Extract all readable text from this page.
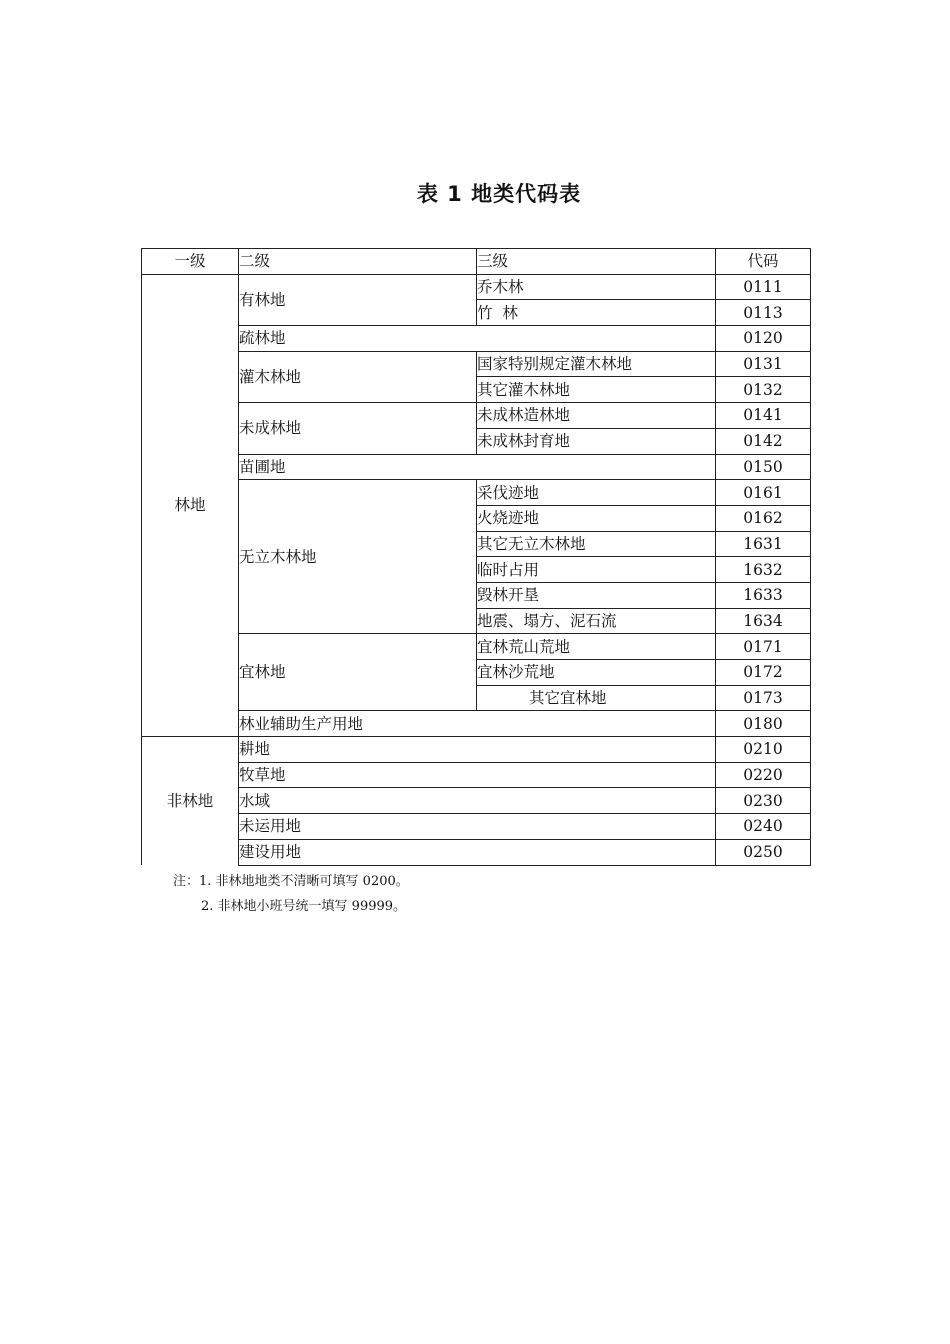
表 1 地类代码表
一级	二级	三级	代码
林地	有林地	乔木林	0111
		竹  林	0113
	疏林地		0120
	灌木林地	国家特别规定灌木林地	0131
		其它灌木林地	0132
	未成林地	未成林造林地	0141
		未成林封育地	0142
	苗圃地		0150
	无立木林地	采伐迹地	0161
		火烧迹地	0162
		其它无立木林地	1631
		临时占用	1632
		毁林开垦	1633
		地震、塌方、泥石流	1634
	宜林地	宜林荒山荒地	0171
		宜林沙荒地	0172
		其它宜林地	0173
	林业辅助生产用地		0180
非林地	耕地		0210
	牧草地		0220
	水域		0230
	未运用地		0240
	建设用地		0250
注：1. 非林地地类不清晰可填写 0200。
2. 非林地小班号统一填写 99999。
